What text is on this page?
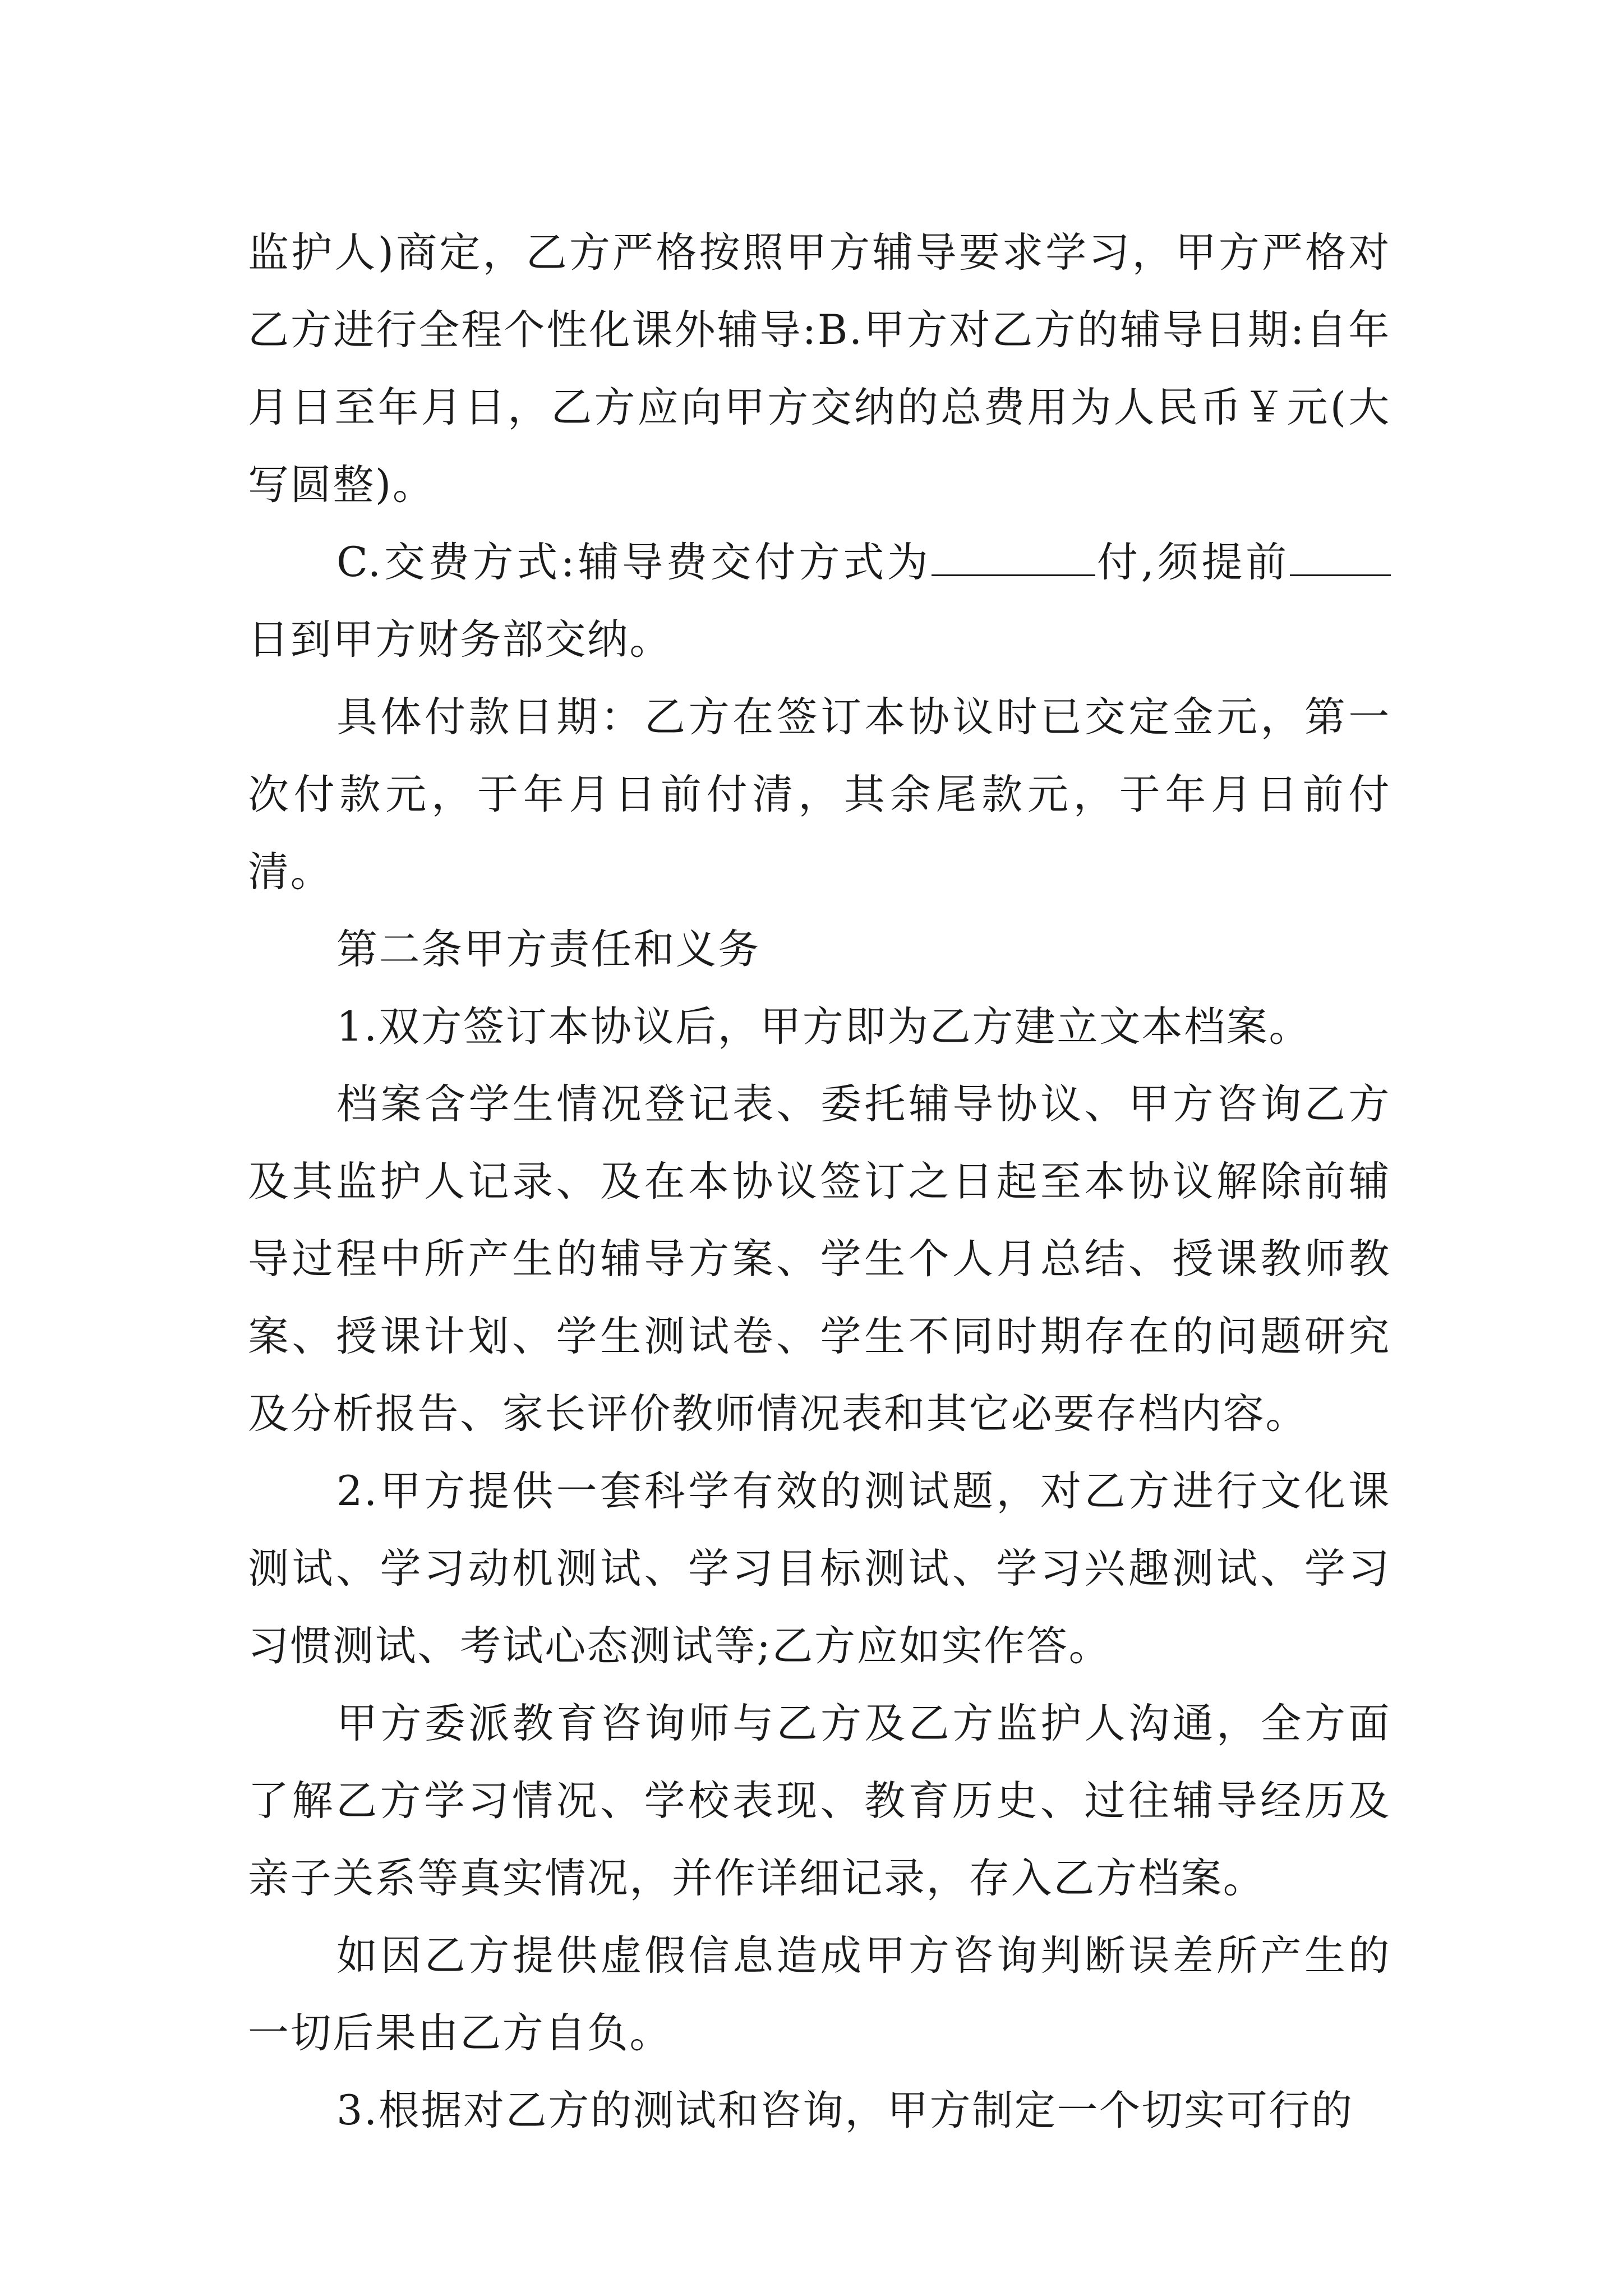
监护人)商定，乙方严格按照甲方辅导要求学习，甲方严格对乙方进行全程个性化课外辅导:B.甲方对乙方的辅导日期:自年月日至年月日，乙方应向甲方交纳的总费用为人民币￥元(大写圆整)。

C.交费方式:辅导费交付方式为	付,须提前日到甲方财务部交纳。

具体付款日期：乙方在签订本协议时已交定金元，第一次付款元，于年月日前付清，其余尾款元，于年月日前付清。

第二条甲方责任和义务

1.双方签订本协议后，甲方即为乙方建立文本档案。

档案含学生情况登记表、委托辅导协议、甲方咨询乙方及其监护人记录、及在本协议签订之日起至本协议解除前辅导过程中所产生的辅导方案、学生个人月总结、授课教师教案、授课计划、学生测试卷、学生不同时期存在的问题研究及分析报告、家长评价教师情况表和其它必要存档内容。

2.甲方提供一套科学有效的测试题，对乙方进行文化课测试、学习动机测试、学习目标测试、学习兴趣测试、学习习惯测试、考试心态测试等;乙方应如实作答。

甲方委派教育咨询师与乙方及乙方监护人沟通，全方面了解乙方学习情况、学校表现、教育历史、过往辅导经历及亲子关系等真实情况，并作详细记录，存入乙方档案。

如因乙方提供虚假信息造成甲方咨询判断误差所产生的一切后果由乙方自负。

3.根据对乙方的测试和咨询，甲方制定一个切实可行的
